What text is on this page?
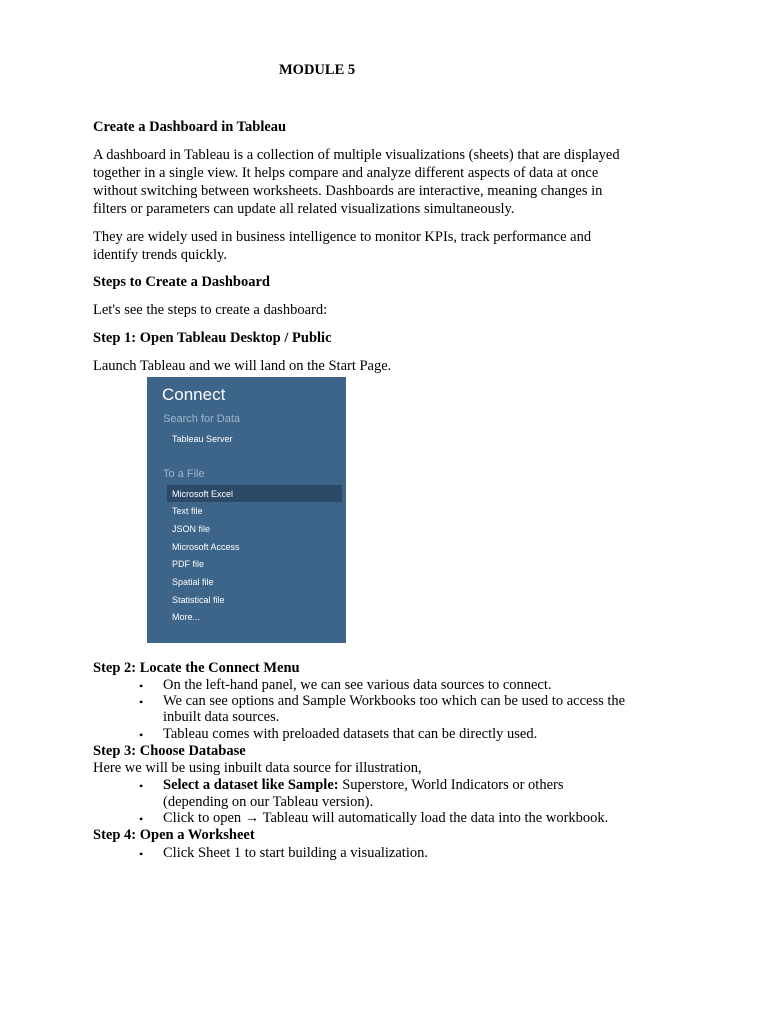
MODULE 5
Create a Dashboard in Tableau
A dashboard in Tableau is a collection of multiple visualizations (sheets) that are displayed
together in a single view. It helps compare and analyze different aspects of data at once
without switching between worksheets. Dashboards are interactive, meaning changes in
filters or parameters can update all related visualizations simultaneously.
They are widely used in business intelligence to monitor KPIs, track performance and
identify trends quickly.
Steps to Create a Dashboard
Let's see the steps to create a dashboard:
Step 1: Open Tableau Desktop / Public
Launch Tableau and we will land on the Start Page.
Connect
Search for Data
Tableau Server
To a File
Microsoft Excel
Text file
JSON file
Microsoft Access
PDF file
Spatial file
Statistical file
More...
Step 2: Locate the Connect Menu
• On the left-hand panel, we can see various data sources to connect.
• We can see options and Sample Workbooks too which can be used to access the
inbuilt data sources.
• Tableau comes with preloaded datasets that can be directly used.
Step 3: Choose Database
Here we will be using inbuilt data source for illustration,
• Select a dataset like Sample: Superstore, World Indicators or others
(depending on our Tableau version).
• Click to open → Tableau will automatically load the data into the workbook.
Step 4: Open a Worksheet
• Click Sheet 1 to start building a visualization.
